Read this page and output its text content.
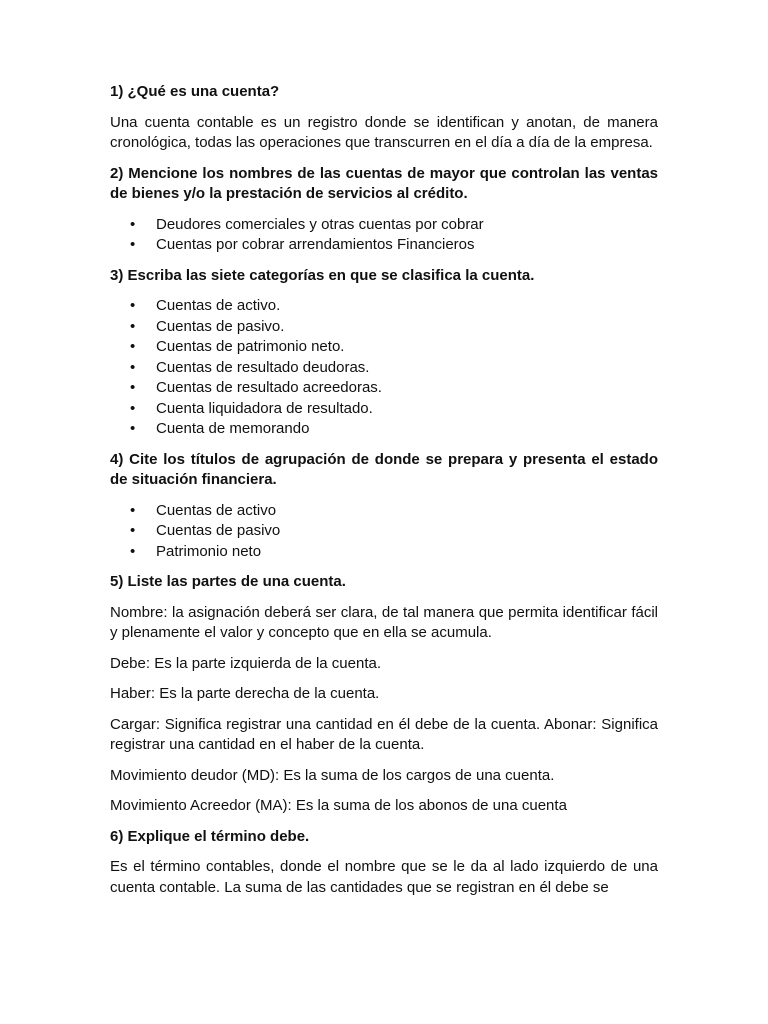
1) ¿Qué es una cuenta?
Una cuenta contable es un registro donde se identifican y anotan, de manera cronológica, todas las operaciones que transcurren en el día a día de la empresa.
2) Mencione los nombres de las cuentas de mayor que controlan las ventas de bienes y/o la prestación de servicios al crédito.
• Deudores comerciales y otras cuentas por cobrar
• Cuentas por cobrar arrendamientos Financieros
3) Escriba las siete categorías en que se clasifica la cuenta.
• Cuentas de activo.
• Cuentas de pasivo.
• Cuentas de patrimonio neto.
• Cuentas de resultado deudoras.
• Cuentas de resultado acreedoras.
• Cuenta liquidadora de resultado.
• Cuenta de memorando
4) Cite los títulos de agrupación de donde se prepara y presenta el estado de situación financiera.
• Cuentas de activo
• Cuentas de pasivo
• Patrimonio neto
5) Liste las partes de una cuenta.
Nombre: la asignación deberá ser clara, de tal manera que permita identificar fácil y plenamente el valor y concepto que en ella se acumula.
Debe: Es la parte izquierda de la cuenta.
Haber: Es la parte derecha de la cuenta.
Cargar: Significa registrar una cantidad en él debe de la cuenta. Abonar: Significa registrar una cantidad en el haber de la cuenta.
Movimiento deudor (MD): Es la suma de los cargos de una cuenta.
Movimiento Acreedor (MA): Es la suma de los abonos de una cuenta
6) Explique el término debe.
Es el término contables, donde el nombre que se le da al lado izquierdo de una cuenta contable. La suma de las cantidades que se registran en él debe se
